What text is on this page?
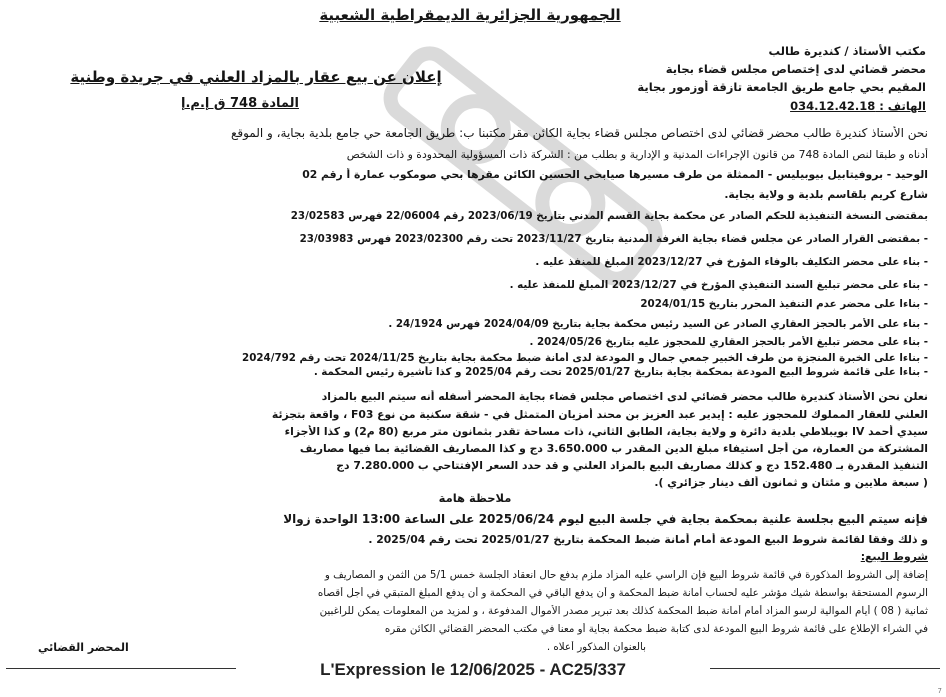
الجمهورية الجزائرية الديمقراطية الشعبية
مكتب الأستاذ / كنديرة طالب
محضر قضائي لدى إختصاص مجلس قضاء بجاية
المقيم بحي جامع طريق الجامعة تازقة أوزمور بجاية
الهاتف : 034.12.42.18
إعلان عن بيع عقار بالمزاد العلني في جريدة وطنية
المادة 748 ق إ.م.إ
نحن الأستاذ كنديرة طالب محضر قضائي لدى اختصاص مجلس قضاء بجاية الكائن مقر مكتبنا ب: طريق الجامعة حي جامع بلدية بجاية، و الموقع
أدناه و طبقا لنص المادة 748 من قانون الإجراءات المدنية و الإدارية و بطلب من : الشركة ذات المسؤولية المحدودة و ذات الشخص
الوحيد - بروفيتابيل بيوبيليس - الممثلة من طرف مسيرها صيابحي الحسين الكائن مقرها بحي صومكوب عمارة أ رقم 02
شارع كريم بلقاسم بلدية و ولاية بجاية.
بمقتضى النسخة التنفيذية للحكم الصادر عن محكمة بجاية القسم المدني بتاريخ 2023/06/19 رقم 22/06004 فهرس 23/02583
- بمقتضى القرار الصادر عن مجلس قضاء بجاية الغرفة المدنية بتاريخ 2023/11/27 تحت رقم 2023/02300 فهرس 23/03983
- بناء على محضر التكليف بالوفاء المؤرخ في 2023/12/27 المبلغ للمنفذ عليه .
- بناء على محضر تبليغ السند التنفيذي المؤرخ في 2023/12/27 المبلغ للمنفذ عليه .
- بناءا على محضر عدم التنفيذ المحرر بتاريخ 2024/01/15
- بناء على الأمر بالحجز العقاري الصادر عن السيد رئيس محكمة بجاية بتاريخ 2024/04/09 فهرس 24/1924 .
- بناء على محضر تبليغ الأمر بالحجز العقاري للمحجوز عليه بتاريخ 2024/05/26 .
- بناءا على الخبرة المنجزة من طرف الخبير جمعي جمال و المودعة لدى أمانة ضبط محكمة بجاية بتاريخ 2024/11/25 تحت رقم 2024/792
- بناءا على قائمة شروط البيع المودعة بمحكمة بجاية بتاريخ 2025/01/27 تحت رقم 2025/04 و كذا تأشيرة رئيس المحكمة .
نعلن نحن الأستاذ كنديرة طالب محضر قضائي لدى اختصاص مجلس قضاء بجاية المحضر أسفله أنه سيتم البيع بالمزاد
العلني للعقار المملوك للمحجوز عليه : إيدير عبد العزيز بن محند أمزيان المتمثل في - شقة سكنية من نوع F03 ، واقعة بتجزئة
سيدي أحمد IV بويبلاطي بلدية دائرة و ولاية بجاية، الطابق الثاني، ذات مساحة تقدر بثمانون متر مربع (80 م2) و كذا الأجزاء
المشتركة من العمارة، من أجل استيفاء مبلغ الدين المقدر ب 3.650.000 دج و كذا المصاريف القضائية بما فيها مصاريف
التنفيذ المقدرة بـ 152.480 دج و كذلك مصاريف البيع بالمزاد العلني و قد حدد السعر الإفتتاحي ب 7.280.000 دج
( سبعة ملايين و مئتان و ثمانون ألف دينار جزائري ).
ملاحظة هامة
فإنه سيتم البيع بجلسة علنية بمحكمة بجاية في جلسة البيع ليوم 2025/06/24 على الساعة 13:00 الواحدة زوالا
و ذلك وفقا لقائمة شروط البيع المودعة أمام أمانة ضبط المحكمة بتاريخ 2025/01/27 تحت رقم 2025/04 .
شروط البيع:
إضافة إلى الشروط المذكورة في قائمة شروط البيع فإن الراسي عليه المزاد ملزم بدفع حال انعقاد الجلسة خمس 5/1 من الثمن و المصاريف و
الرسوم المستحقة بواسطة شيك مؤشر عليه لحساب أمانة ضبط المحكمة و أن يدفع الباقي في المحكمة و أن يدفع المبلغ المتبقي في أجل أقصاه
ثمانية ( 08 ) أيام الموالية لرسو المزاد أمام أمانة ضبط المحكمة كذلك بعد تبرير مصدر الأموال المدفوعة ، و لمزيد من المعلومات يمكن للراغبين
في الشراء الإطلاع على قائمة شروط البيع المودعة لدى كتابة ضبط محكمة بجاية أو معنا في مكتب المحضر القضائي الكائن مقره
بالعنوان المذكور أعلاه .
المحضر القضائي
L'Expression le 12/06/2025 - AC25/337
7
